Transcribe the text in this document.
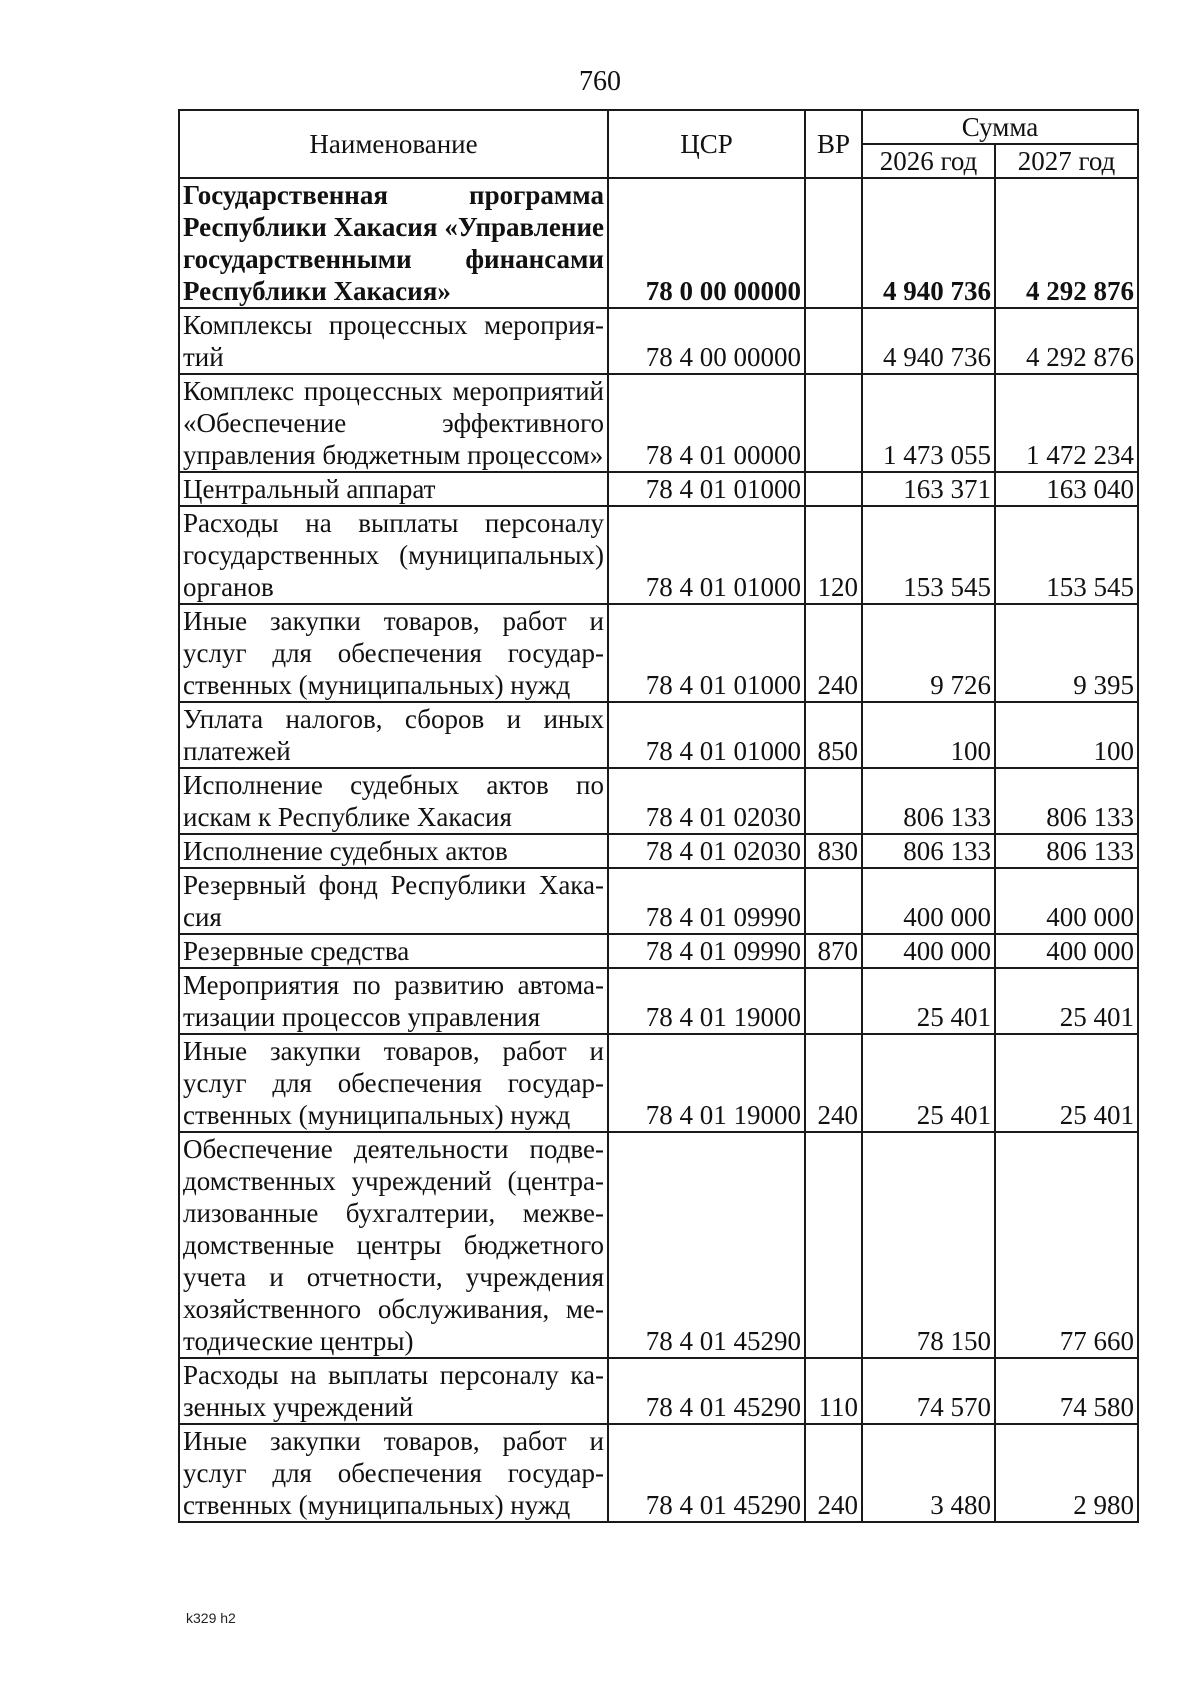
760
Наименование	ЦСР	ВР	Сумма	
			2026 год	2027 год
Государственная программа Республики Хакасия «Управление государственными финансами Республики Хакасия»	78 0 00 00000		4 940 736	4 292 876
Комплексы процессных мероприятий	78 4 00 00000		4 940 736	4 292 876
Комплекс процессных мероприятий «Обеспечение эффективного управления бюджетным процессом»	78 4 01 00000		1 473 055	1 472 234
Центральный аппарат	78 4 01 01000		163 371	163 040
Расходы на выплаты персоналу государственных (муниципальных) органов	78 4 01 01000	120	153 545	153 545
Иные закупки товаров, работ и услуг для обеспечения государственных (муниципальных) нужд	78 4 01 01000	240	9 726	9 395
Уплата налогов, сборов и иных платежей	78 4 01 01000	850	100	100
Исполнение судебных актов по искам к Республике Хакасия	78 4 01 02030		806 133	806 133
Исполнение судебных актов	78 4 01 02030	830	806 133	806 133
Резервный фонд Республики Хакасия	78 4 01 09990		400 000	400 000
Резервные средства	78 4 01 09990	870	400 000	400 000
Мероприятия по развитию автоматизации процессов управления	78 4 01 19000		25 401	25 401
Иные закупки товаров, работ и услуг для обеспечения государственных (муниципальных) нужд	78 4 01 19000	240	25 401	25 401
Обеспечение деятельности подведомственных учреждений (централизованные бухгалтерии, межведомственные центры бюджетного учета и отчетности, учреждения хозяйственного обслуживания, методические центры)	78 4 01 45290		78 150	77 660
Расходы на выплаты персоналу казенных учреждений	78 4 01 45290	110	74 570	74 580
Иные закупки товаров, работ и услуг для обеспечения государственных (муниципальных) нужд	78 4 01 45290	240	3 480	2 980
k329 h2
